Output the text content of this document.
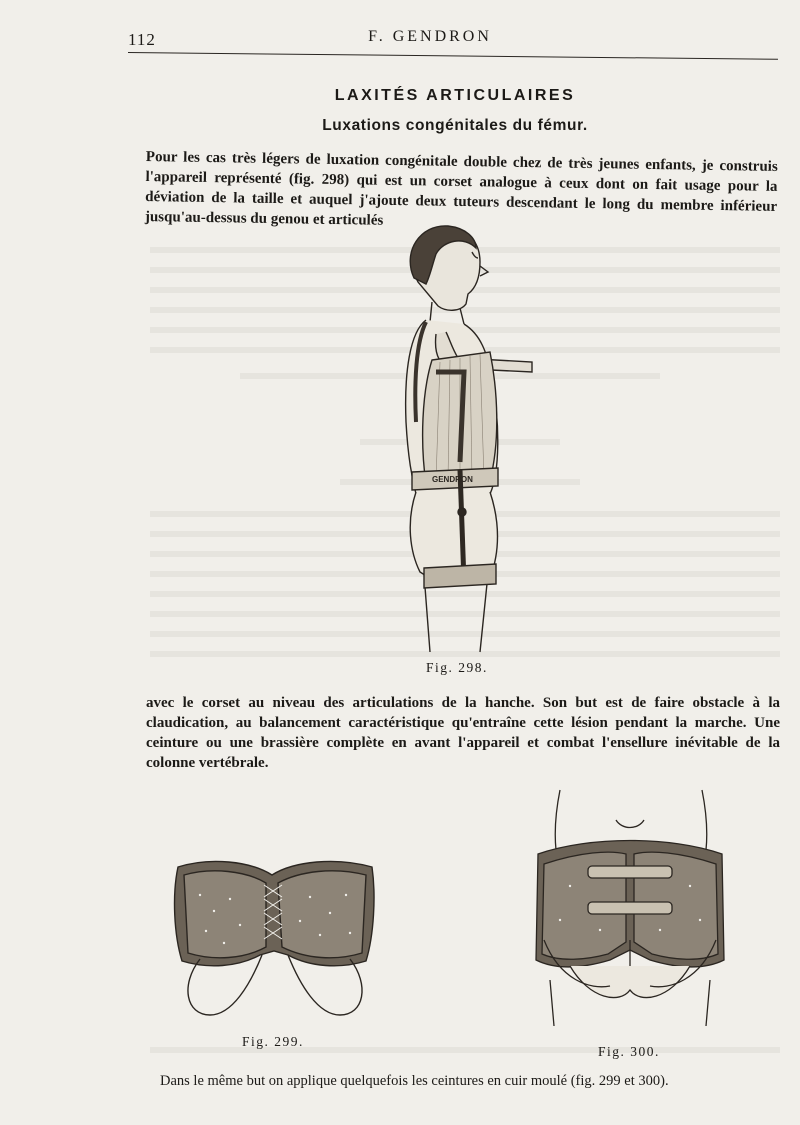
112	F. GENDRON
LAXITÉS ARTICULAIRES
Luxations congénitales du fémur.
Pour les cas très légers de luxation congénitale double chez de très jeunes enfants, je construis l'appareil représenté (fig. 298) qui est un corset analogue à ceux dont on fait usage pour la déviation de la taille et auquel j'ajoute deux tuteurs descendant le long du membre inférieur jusqu'au-dessus du genou et articulés
GENDRON
Fig. 298.
avec le corset au niveau des articulations de la hanche. Son but est de faire obstacle à la claudication, au balancement caractéristique qu'entraîne cette lésion pendant la marche. Une ceinture ou une brassière complète en avant l'appareil et combat l'ensellure inévitable de la colonne vertébrale.
Fig. 299.
Fig. 300.
Dans le même but on applique quelquefois les ceintures en cuir moulé (fig. 299 et 300).
